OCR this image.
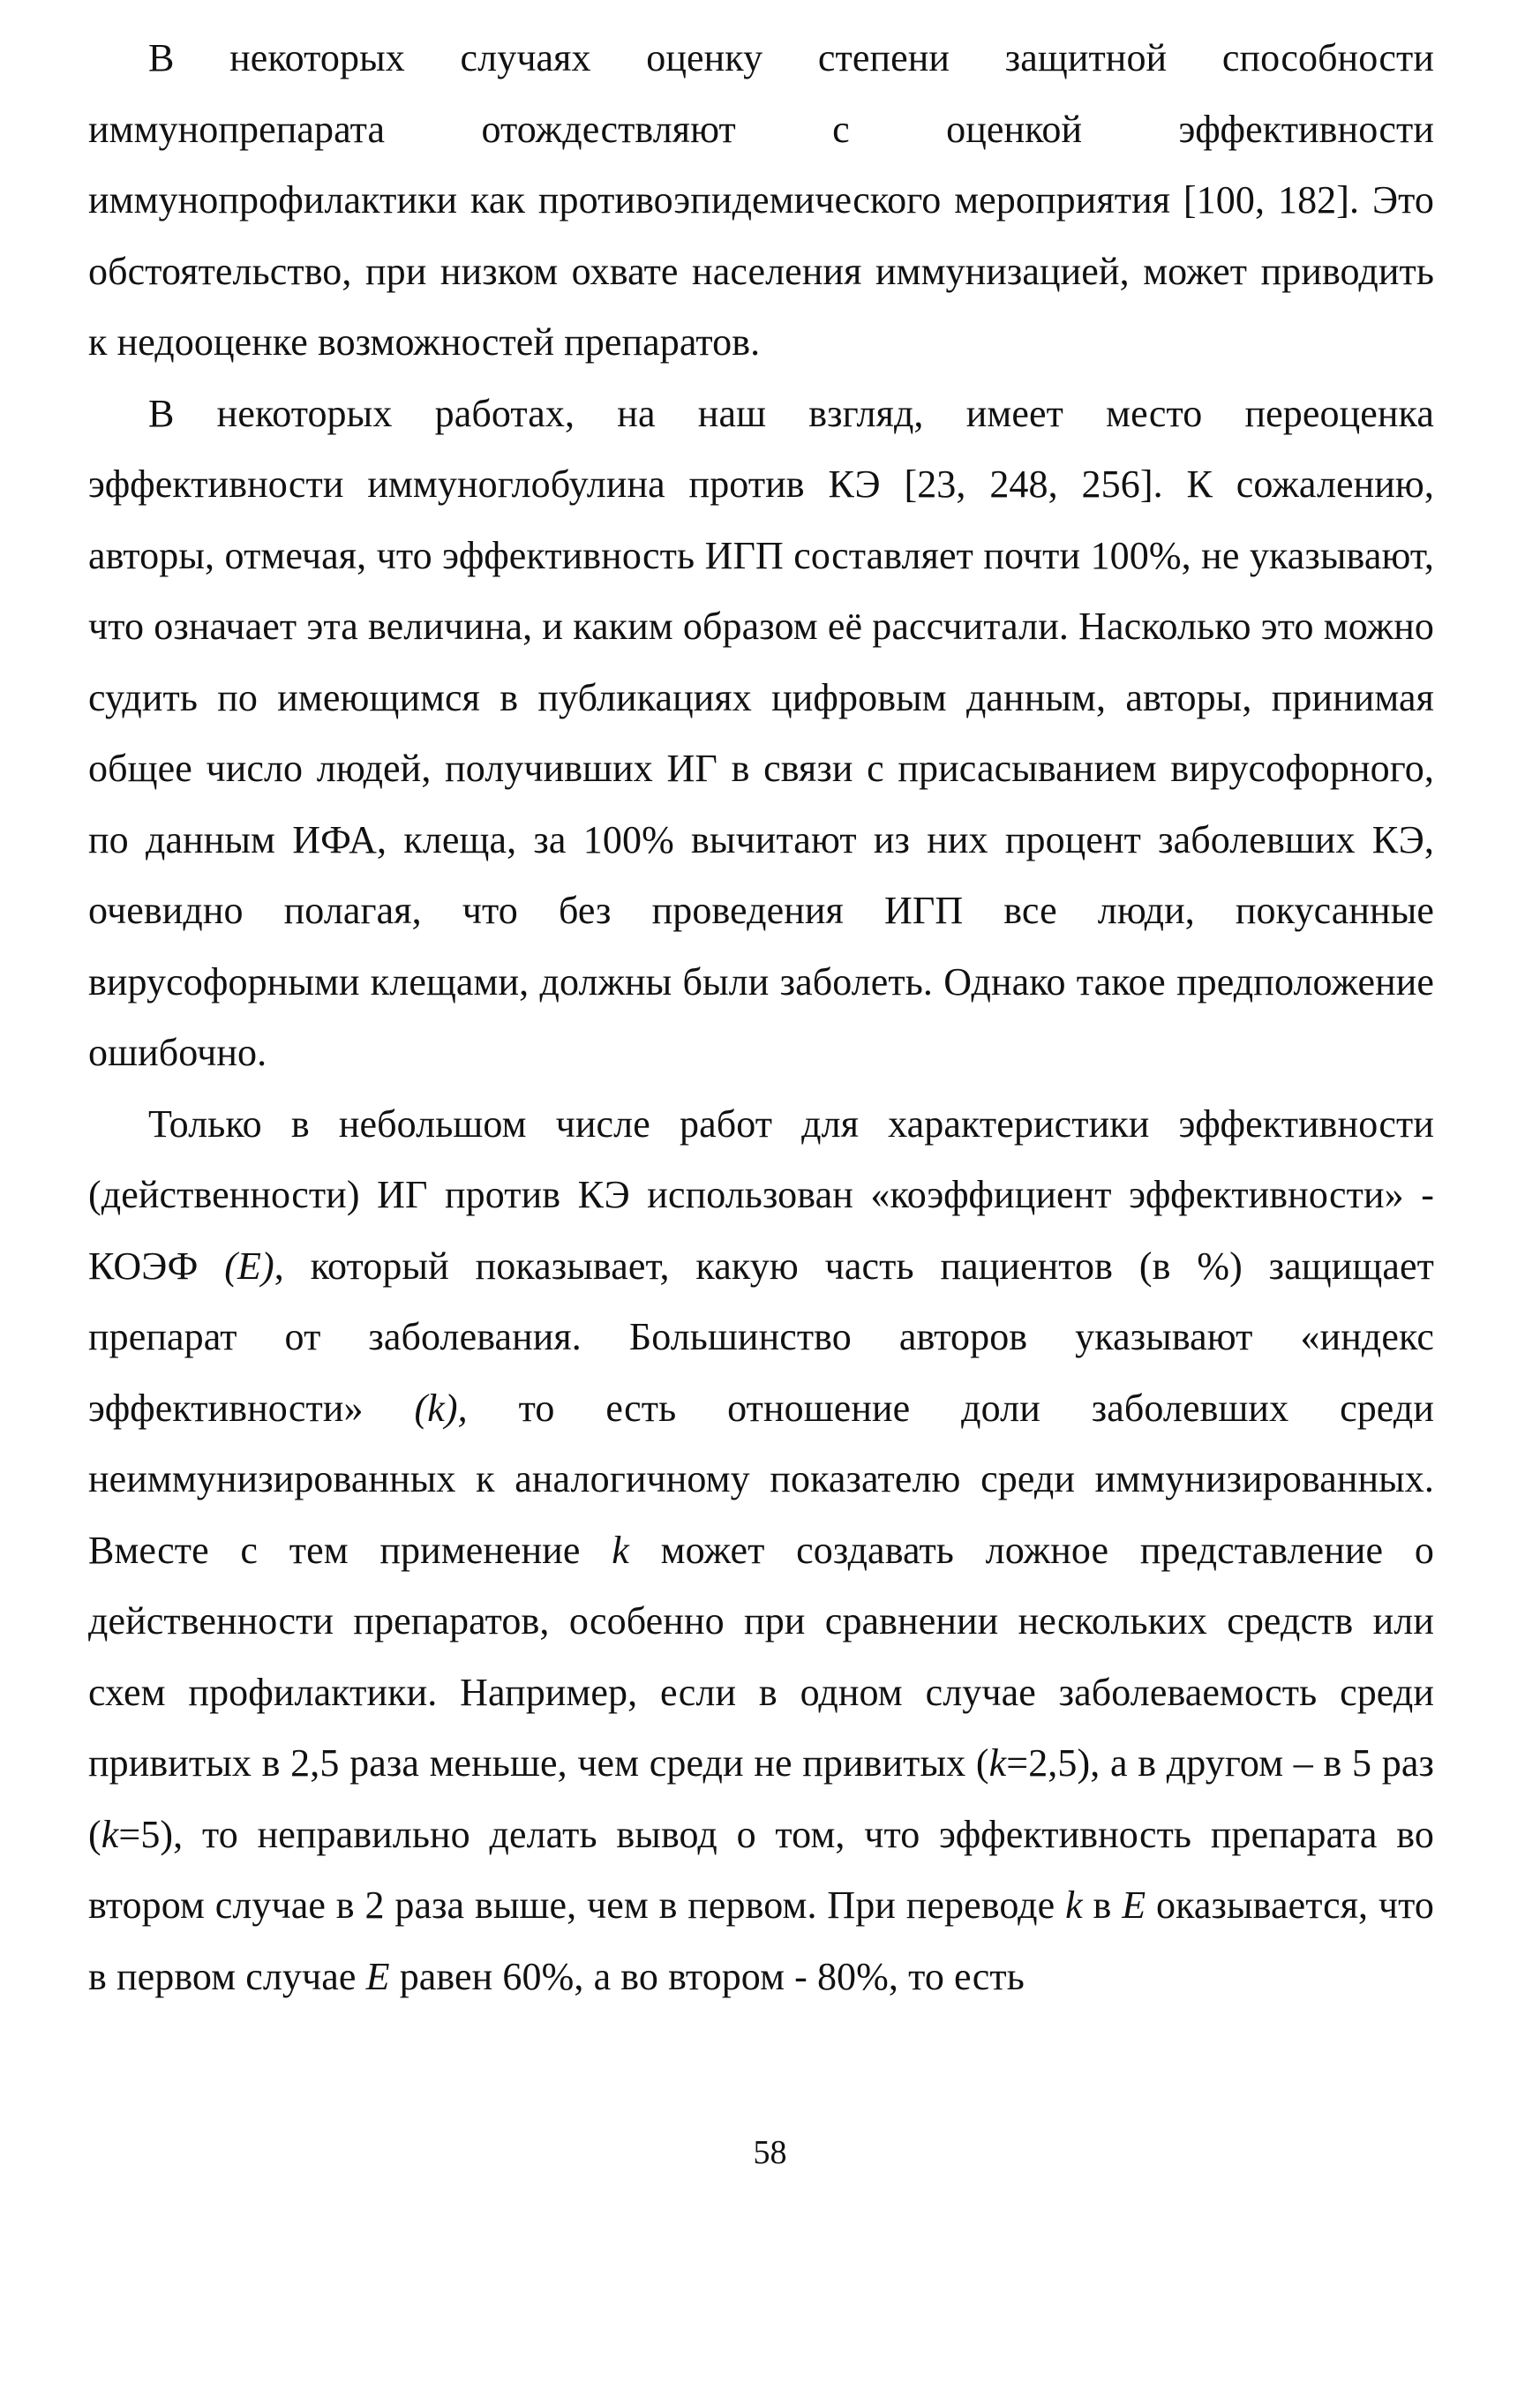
В некоторых случаях оценку степени защитной способности иммунопрепарата отождествляют с оценкой эффективности иммунопрофилактики как противоэпидемического мероприятия [100, 182]. Это обстоятельство, при низком охвате населения иммунизацией, может приводить к недооценке возможностей препаратов.

В некоторых работах, на наш взгляд, имеет место переоценка эффективности иммуноглобулина против КЭ [23, 248, 256]. К сожалению, авторы, отмечая, что эффективность ИГП составляет почти 100%, не указывают, что означает эта величина, и каким образом её рассчитали. Насколько это можно судить по имеющимся в публикациях цифровым данным, авторы, принимая общее число людей, получивших ИГ в связи с присасыванием вирусофорного, по данным ИФА, клеща, за 100% вычитают из них процент заболевших КЭ, очевидно полагая, что без проведения ИГП все люди, покусанные вирусофорными клещами, должны были заболеть. Однако такое предположение ошибочно.

Только в небольшом числе работ для характеристики эффективности (действенности) ИГ против КЭ использован «коэффициент эффективности» - КОЭФ (E), который показывает, какую часть пациентов (в %) защищает препарат от заболевания. Большинство авторов указывают «индекс эффективности» (k), то есть отношение доли заболевших среди неиммунизированных к аналогичному показателю среди иммунизированных. Вместе с тем применение k может создавать ложное представление о действенности препаратов, особенно при сравнении нескольких средств или схем профилактики. Например, если в одном случае заболеваемость среди привитых в 2,5 раза меньше, чем среди не привитых (k=2,5), а в другом – в 5 раз (k=5), то неправильно делать вывод о том, что эффективность препарата во втором случае в 2 раза выше, чем в первом. При переводе k в E оказывается, что в первом случае E равен 60%, а во втором - 80%, то есть

58
